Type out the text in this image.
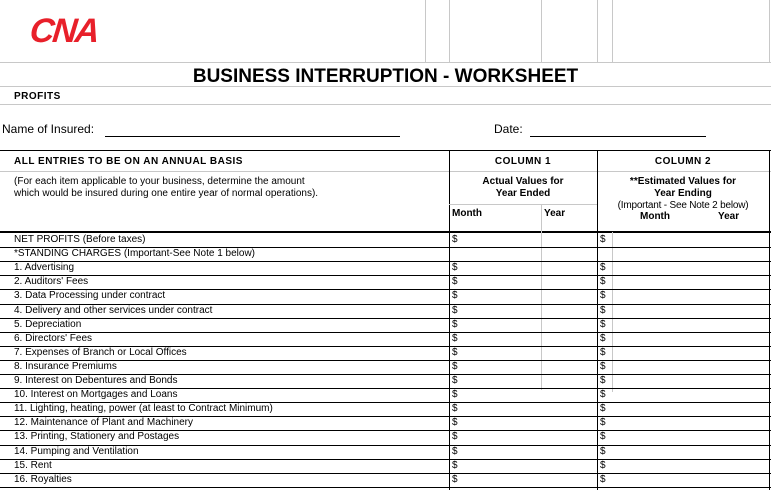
CNA
BUSINESS INTERRUPTION - WORKSHEET
PROFITS
Name of Insured:	Date:
ALL ENTRIES TO BE ON AN ANNUAL BASIS
(For each item applicable to your business, determine the amount
which would be insured during one entire year of normal operations).
COLUMN 1
Actual Values for
Year Ended
Month	Year
COLUMN 2
**Estimated Values for
Year Ending
(Important - See Note 2 below)
Month	Year
NET PROFITS (Before taxes)	$	$
*STANDING CHARGES (Important-See Note 1 below)
1. Advertising	$	$
2. Auditors' Fees	$	$
3. Data Processing under contract	$	$
4. Delivery and other services under contract	$	$
5. Depreciation	$	$
6. Directors' Fees	$	$
7. Expenses of Branch or Local Offices	$	$
8. Insurance Premiums	$	$
9. Interest on Debentures and Bonds	$	$
10. Interest on Mortgages and Loans	$	$
11. Lighting, heating, power (at least to Contract Minimum)	$	$
12. Maintenance of Plant and Machinery	$	$
13. Printing, Stationery and Postages	$	$
14. Pumping and Ventilation	$	$
15. Rent	$	$
16. Royalties	$	$
